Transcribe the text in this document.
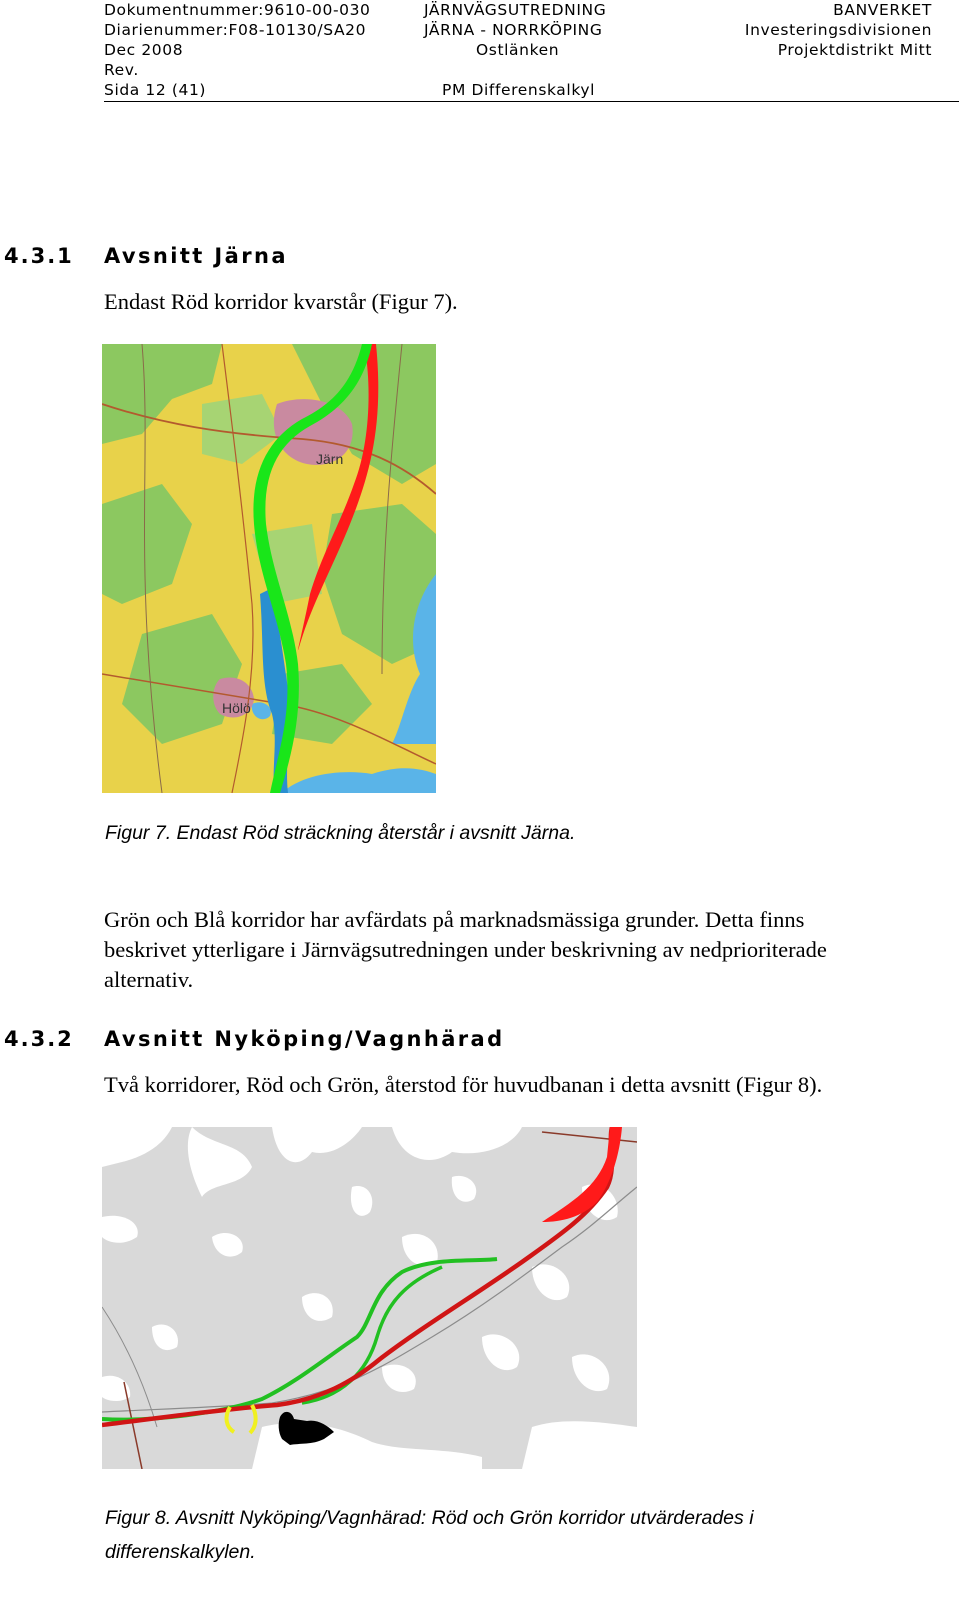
Dokumentnummer:9610-00-030
Diarienummer:F08-10130/SA20
Dec 2008
Rev.
Sida 12 (41)
JÄRNVÄGSUTREDNING
JÄRNA - NORRKÖPING
Ostlänken
PM Differenskalkyl
BANVERKET
Investeringsdivisionen
Projektdistrikt Mitt
4.3.1 Avsnitt Järna
Endast Röd korridor kvarstår (Figur 7).
Järn
Hölö
Figur 7. Endast Röd sträckning återstår i avsnitt Järna.
Grön och Blå korridor har avfärdats på marknadsmässiga grunder. Detta finns
beskrivet ytterligare i Järnvägsutredningen under beskrivning av nedprioriterade
alternativ.
4.3.2 Avsnitt Nyköping/Vagnhärad
Två korridorer, Röd och Grön, återstod för huvudbanan i detta avsnitt (Figur 8).
Figur 8. Avsnitt Nyköping/Vagnhärad: Röd och Grön korridor utvärderades i
differenskalkylen.
